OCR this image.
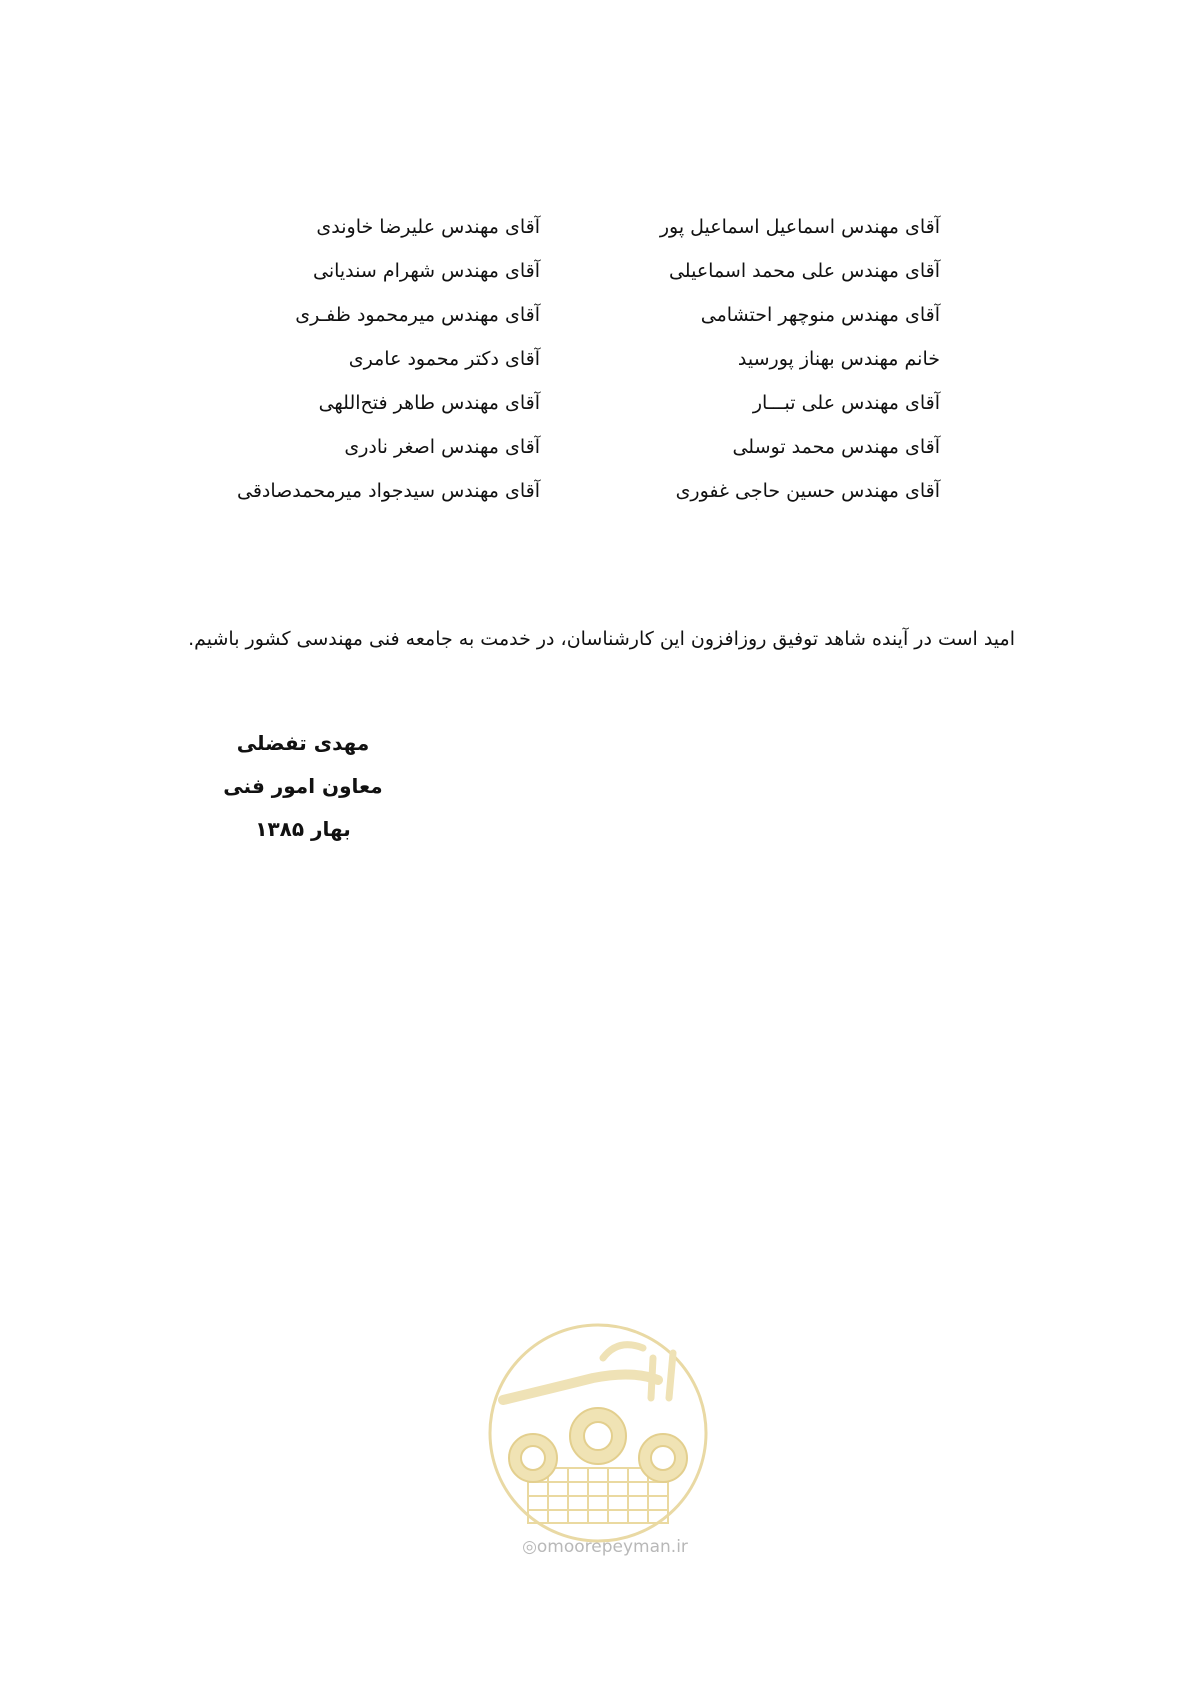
آقای مهندس اسماعیل اسماعیل پور
آقای مهندس علی محمد اسماعیلی
آقای مهندس منوچهر احتشامی
خانم مهندس بهناز پورسید
آقای مهندس علی تبـــار
آقای مهندس محمد توسلی
آقای مهندس حسین حاجی غفوری
آقای مهندس علیرضا خاوندی
آقای مهندس شهرام سندیانی
آقای مهندس میرمحمود ظفـری
آقای دکتر محمود عامری
آقای مهندس طاهر فتح‌اللهی
آقای مهندس اصغر نادری
آقای مهندس سیدجواد میرمحمدصادقی
امید است در آینده شاهد توفیق روزافزون این کارشناسان، در خدمت به جامعه فنی مهندسی کشور باشیم.
مهدی تفضلی
معاون امور فنی
بهار ۱۳۸۵
◎omoorepeyman.ir
